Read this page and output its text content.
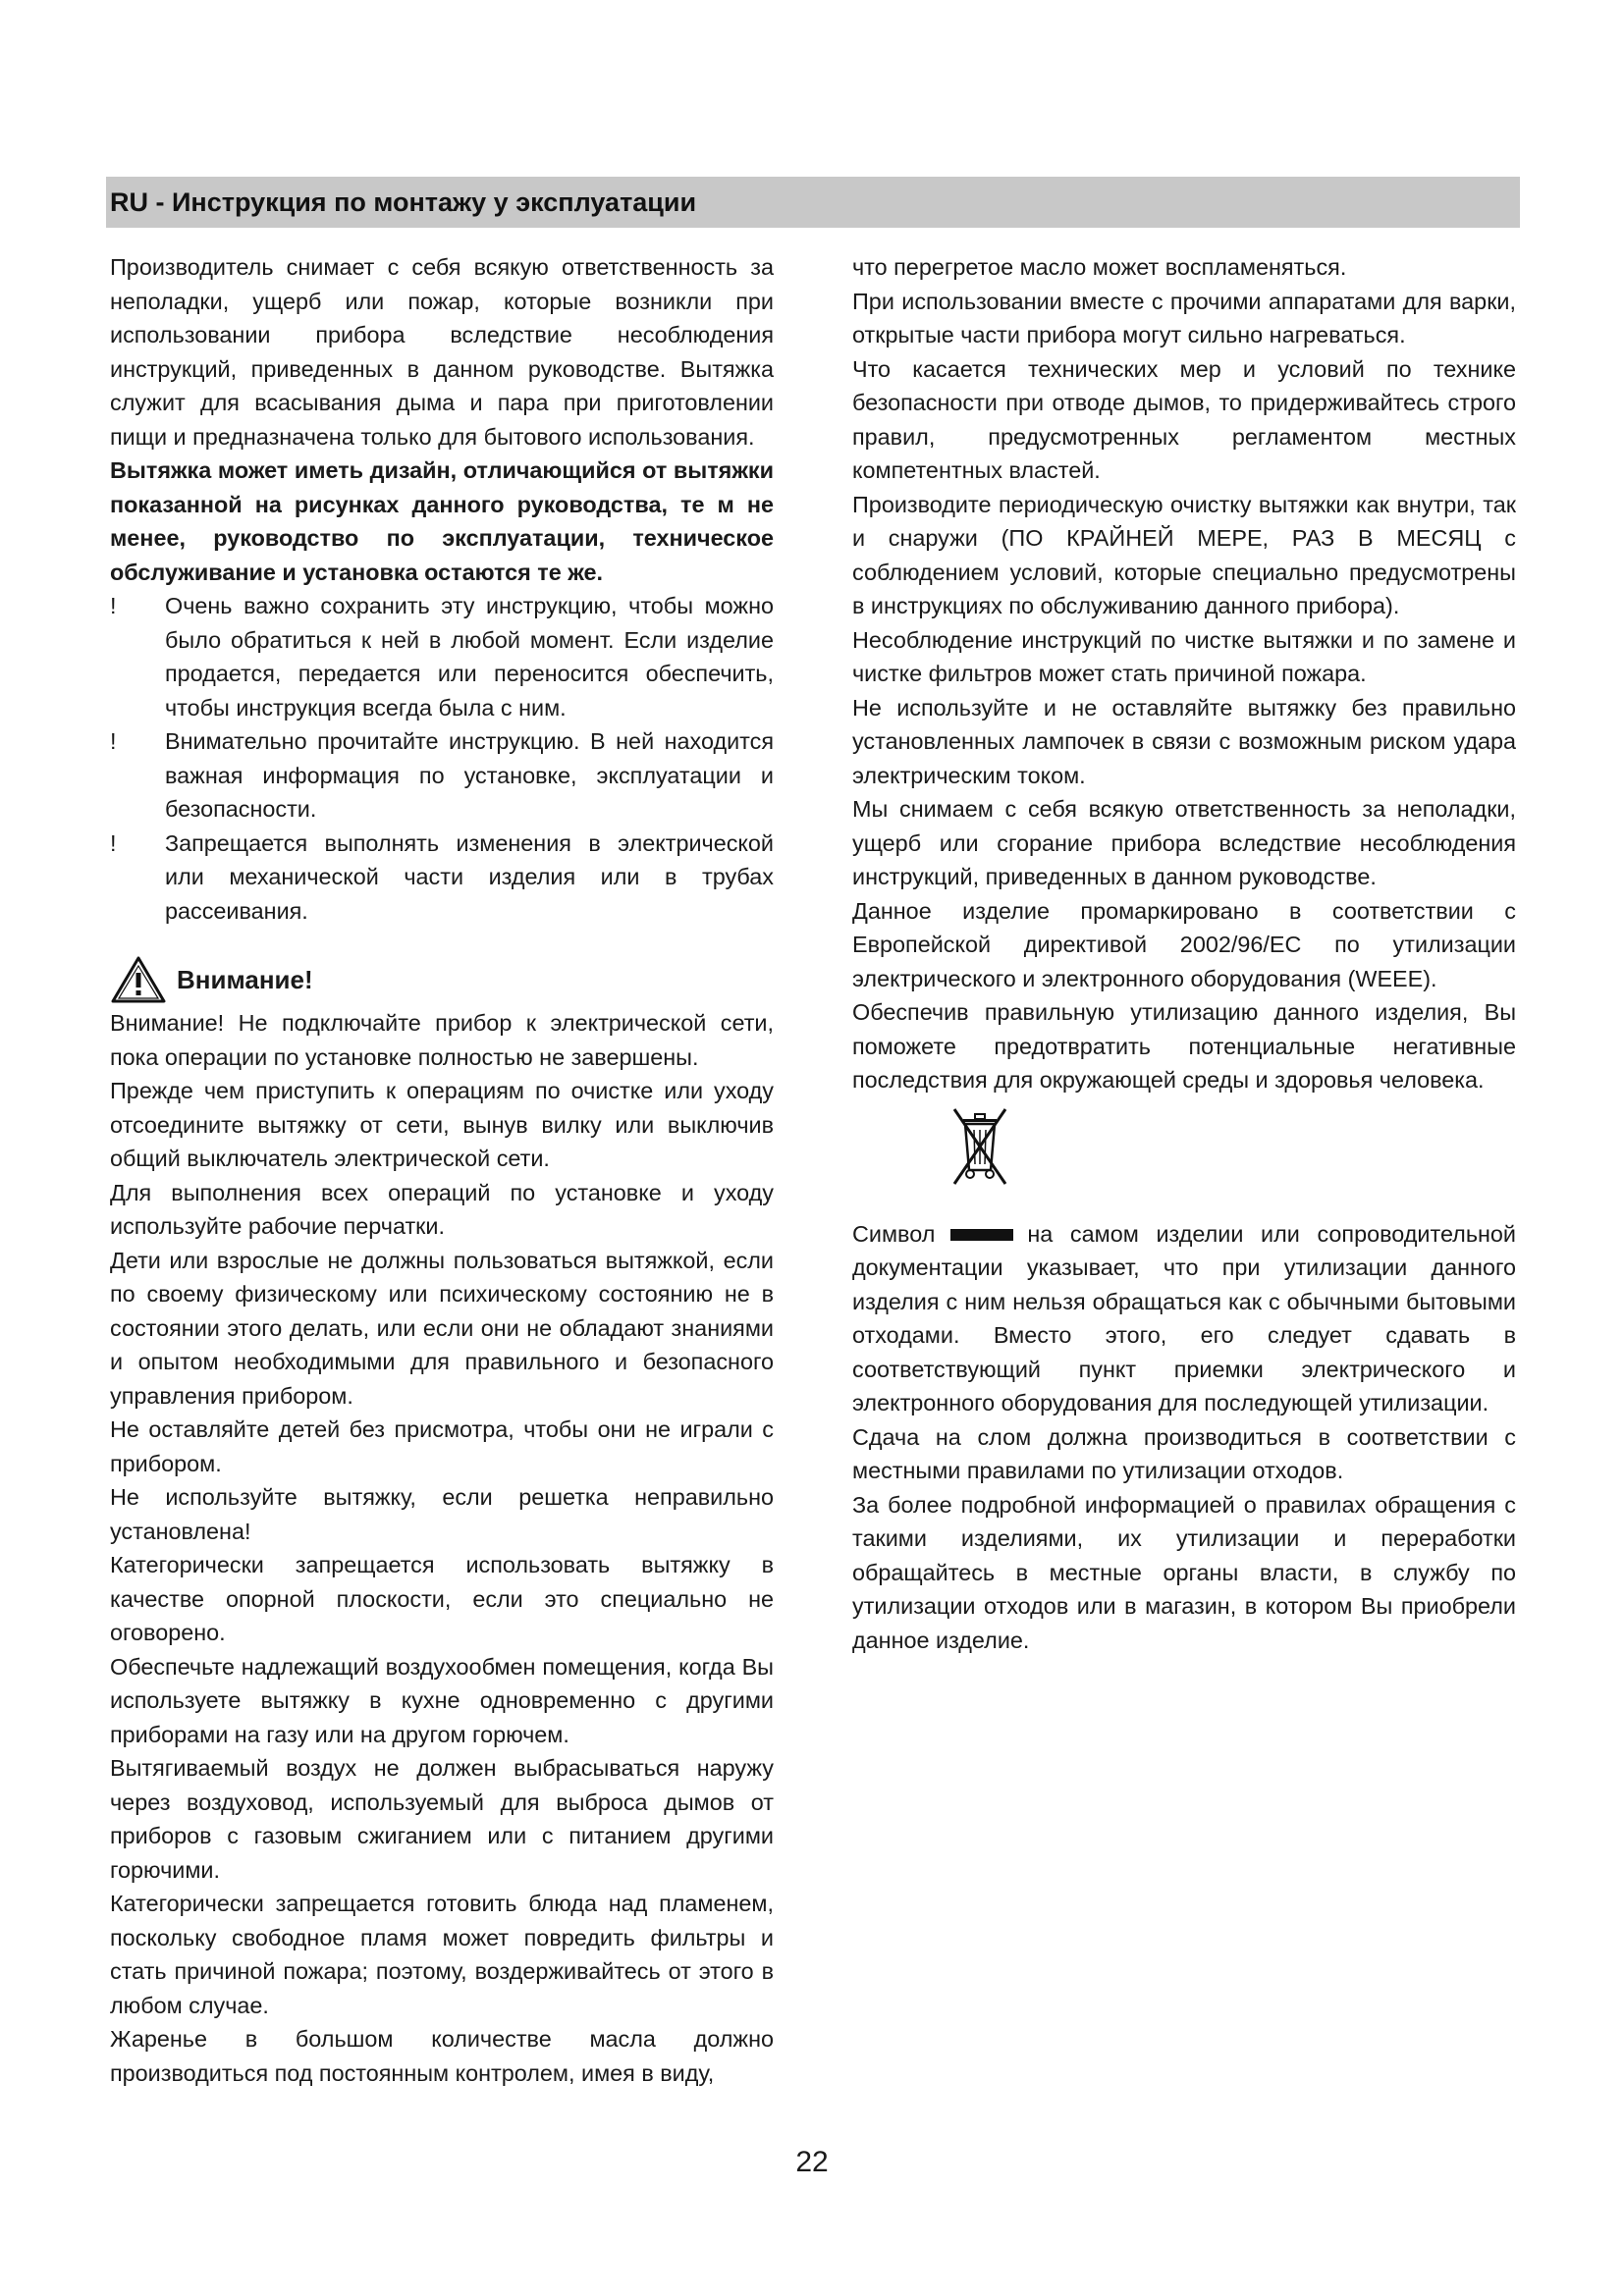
RU - Инструкция по монтажу у эксплуатации

Производитель снимает с себя всякую ответственность за неполадки, ущерб или пожар, которые возникли при использовании прибора вследствие несоблюдения инструкций, приведенных в данном руководстве. Вытяжка служит для всасывания дыма и пара при приготовлении пищи и предназначена только для бытового использования.

Вытяжка может иметь дизайн, отличающийся от вытяжки показанной на рисунках данного руководства, те м не менее, руководство по эксплуатации, техническое обслуживание и установка остаются те же.

!	Очень важно сохранить эту инструкцию, чтобы можно было обратиться к ней в любой момент. Если изделие продается, передается или переносится обеспечить, чтобы инструкция всегда была с ним.
!	Внимательно прочитайте инструкцию. В ней находится важная информация по установке, эксплуатации и безопасности.
!	Запрещается выполнять изменения в электрической или механической части изделия или в трубах рассеивания.
Внимание!

Внимание! Не подключайте прибор к электрической сети, пока операции по установке полностью не завершены.

Прежде чем приступить к операциям по очистке или уходу отсоедините вытяжку от сети, вынув вилку или выключив общий выключатель электрической сети.

Для выполнения всех операций по установке и уходу используйте рабочие перчатки.

Дети или взрослые не должны пользоваться вытяжкой, если по своему физическому или психическому состоянию не в состоянии этого делать, или если они не обладают знаниями и опытом необходимыми для правильного и безопасного управления прибором.

Не оставляйте детей без присмотра, чтобы они не играли с прибором.

Не используйте вытяжку, если решетка неправильно установлена!

Категорически запрещается использовать вытяжку в качестве опорной плоскости, если это специально не оговорено.

Обеспечьте надлежащий воздухообмен помещения, когда Вы используете вытяжку в кухне одновременно с другими приборами на газу или на другом горючем.

Вытягиваемый воздух не должен выбрасываться наружу через воздуховод, используемый для выброса дымов от приборов с газовым сжиганием или с питанием другими горючими.

Категорически запрещается готовить блюда над пламенем, поскольку свободное пламя может повредить фильтры и стать причиной пожара; поэтому, воздерживайтесь от этого в любом случае.

Жаренье в большом количестве масла должно производиться под постоянным контролем, имея в виду,

что перегретое масло может воспламеняться.

При использовании вместе с прочими аппаратами для варки, открытые части прибора могут сильно нагреваться.

Что касается технических мер и условий по технике безопасности при отводе дымов, то придерживайтесь строго правил, предусмотренных регламентом местных компетентных властей.

Производите периодическую очистку вытяжки как внутри, так и снаружи (ПО КРАЙНЕЙ МЕРЕ, РАЗ В МЕСЯЦ с соблюдением условий, которые специально предусмотрены в инструкциях по обслуживанию данного прибора).

Несоблюдение инструкций по чистке вытяжки и по замене и чистке фильтров может стать причиной пожара.

Не используйте и не оставляйте вытяжку без правильно установленных лампочек в связи с возможным риском удара электрическим током.

Мы снимаем с себя всякую ответственность за неполадки, ущерб или сгорание прибора вследствие несоблюдения инструкций, приведенных в данном руководстве.

Данное изделие промаркировано в соответствии с Европейской директивой 2002/96/EC по утилизации электрического и электронного оборудования (WEEE).

Обеспечив правильную утилизацию данного изделия, Вы поможете предотвратить потенциальные негативные последствия для окружающей среды и здоровья человека.

Символ	на самом изделии или сопроводительной документации указывает, что при утилизации данного изделия с ним нельзя обращаться как с обычными бытовыми отходами. Вместо этого, его следует сдавать в соответствующий пункт приемки электрического и электронного оборудования для последующей утилизации.

Сдача на слом должна производиться в соответствии с местными правилами по утилизации отходов.

За более подробной информацией о правилах обращения с такими изделиями, их утилизации и переработки обращайтесь в местные органы власти, в службу по утилизации отходов или в магазин, в котором Вы приобрели данное изделие.

22
